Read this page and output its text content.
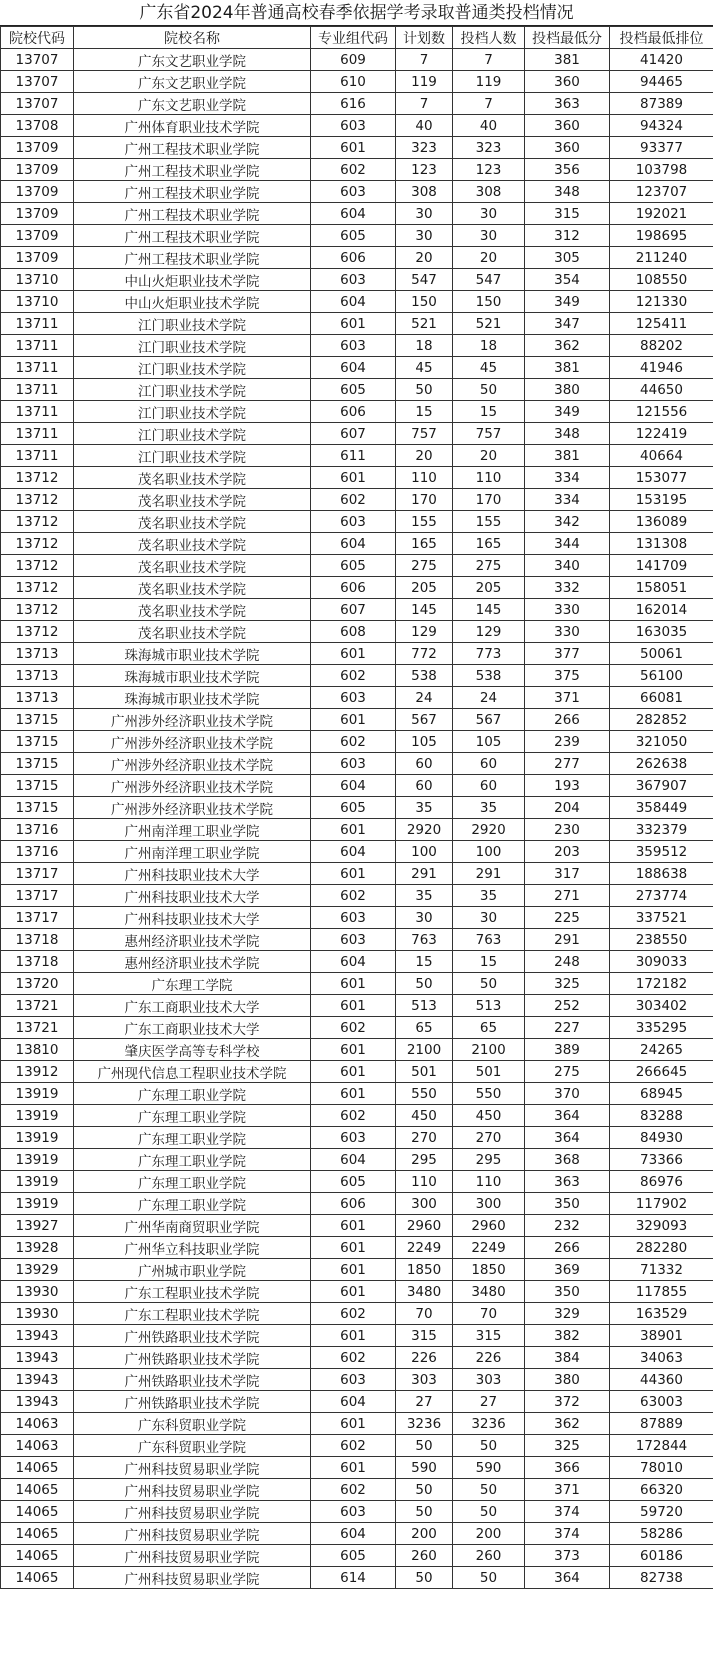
广东省2024年普通高校春季依据学考录取普通类投档情况
院校代码	院校名称	专业组代码	计划数	投档人数	投档最低分	投档最低排位
13707	广东文艺职业学院	609	7	7	381	41420
13707	广东文艺职业学院	610	119	119	360	94465
13707	广东文艺职业学院	616	7	7	363	87389
13708	广州体育职业技术学院	603	40	40	360	94324
13709	广州工程技术职业学院	601	323	323	360	93377
13709	广州工程技术职业学院	602	123	123	356	103798
13709	广州工程技术职业学院	603	308	308	348	123707
13709	广州工程技术职业学院	604	30	30	315	192021
13709	广州工程技术职业学院	605	30	30	312	198695
13709	广州工程技术职业学院	606	20	20	305	211240
13710	中山火炬职业技术学院	603	547	547	354	108550
13710	中山火炬职业技术学院	604	150	150	349	121330
13711	江门职业技术学院	601	521	521	347	125411
13711	江门职业技术学院	603	18	18	362	88202
13711	江门职业技术学院	604	45	45	381	41946
13711	江门职业技术学院	605	50	50	380	44650
13711	江门职业技术学院	606	15	15	349	121556
13711	江门职业技术学院	607	757	757	348	122419
13711	江门职业技术学院	611	20	20	381	40664
13712	茂名职业技术学院	601	110	110	334	153077
13712	茂名职业技术学院	602	170	170	334	153195
13712	茂名职业技术学院	603	155	155	342	136089
13712	茂名职业技术学院	604	165	165	344	131308
13712	茂名职业技术学院	605	275	275	340	141709
13712	茂名职业技术学院	606	205	205	332	158051
13712	茂名职业技术学院	607	145	145	330	162014
13712	茂名职业技术学院	608	129	129	330	163035
13713	珠海城市职业技术学院	601	772	773	377	50061
13713	珠海城市职业技术学院	602	538	538	375	56100
13713	珠海城市职业技术学院	603	24	24	371	66081
13715	广州涉外经济职业技术学院	601	567	567	266	282852
13715	广州涉外经济职业技术学院	602	105	105	239	321050
13715	广州涉外经济职业技术学院	603	60	60	277	262638
13715	广州涉外经济职业技术学院	604	60	60	193	367907
13715	广州涉外经济职业技术学院	605	35	35	204	358449
13716	广州南洋理工职业学院	601	2920	2920	230	332379
13716	广州南洋理工职业学院	604	100	100	203	359512
13717	广州科技职业技术大学	601	291	291	317	188638
13717	广州科技职业技术大学	602	35	35	271	273774
13717	广州科技职业技术大学	603	30	30	225	337521
13718	惠州经济职业技术学院	603	763	763	291	238550
13718	惠州经济职业技术学院	604	15	15	248	309033
13720	广东理工学院	601	50	50	325	172182
13721	广东工商职业技术大学	601	513	513	252	303402
13721	广东工商职业技术大学	602	65	65	227	335295
13810	肇庆医学高等专科学校	601	2100	2100	389	24265
13912	广州现代信息工程职业技术学院	601	501	501	275	266645
13919	广东理工职业学院	601	550	550	370	68945
13919	广东理工职业学院	602	450	450	364	83288
13919	广东理工职业学院	603	270	270	364	84930
13919	广东理工职业学院	604	295	295	368	73366
13919	广东理工职业学院	605	110	110	363	86976
13919	广东理工职业学院	606	300	300	350	117902
13927	广州华南商贸职业学院	601	2960	2960	232	329093
13928	广州华立科技职业学院	601	2249	2249	266	282280
13929	广州城市职业学院	601	1850	1850	369	71332
13930	广东工程职业技术学院	601	3480	3480	350	117855
13930	广东工程职业技术学院	602	70	70	329	163529
13943	广州铁路职业技术学院	601	315	315	382	38901
13943	广州铁路职业技术学院	602	226	226	384	34063
13943	广州铁路职业技术学院	603	303	303	380	44360
13943	广州铁路职业技术学院	604	27	27	372	63003
14063	广东科贸职业学院	601	3236	3236	362	87889
14063	广东科贸职业学院	602	50	50	325	172844
14065	广州科技贸易职业学院	601	590	590	366	78010
14065	广州科技贸易职业学院	602	50	50	371	66320
14065	广州科技贸易职业学院	603	50	50	374	59720
14065	广州科技贸易职业学院	604	200	200	374	58286
14065	广州科技贸易职业学院	605	260	260	373	60186
14065	广州科技贸易职业学院	614	50	50	364	82738
